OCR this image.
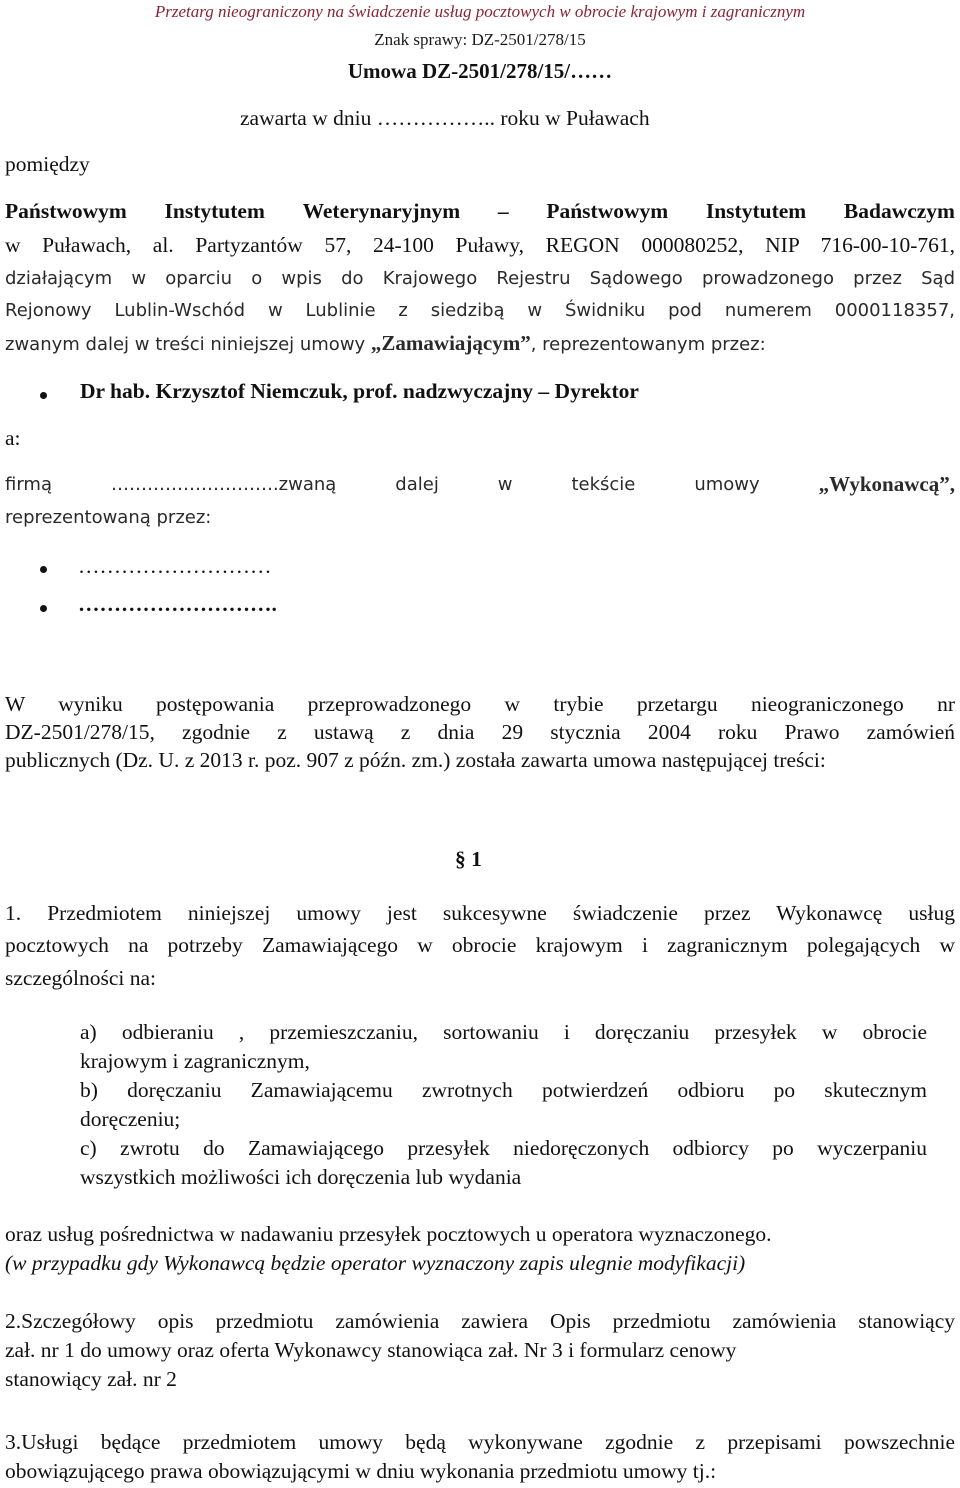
Przetarg nieograniczony na świadczenie usług pocztowych w obrocie krajowym i zagranicznym
Znak sprawy: DZ-2501/278/15
Umowa DZ-2501/278/15/……
zawarta w dniu …………….. roku w Puławach
pomiędzy
Państwowym Instytutem Weterynaryjnym – Państwowym Instytutem Badawczym
w Puławach, al. Partyzantów 57, 24-100 Puławy, REGON 000080252, NIP 716-00-10-761,
działającym w oparciu o wpis do Krajowego Rejestru Sądowego prowadzonego przez Sąd
Rejonowy Lublin-Wschód w Lublinie z siedzibą w Świdniku pod numerem 0000118357,
zwanym dalej w treści niniejszej umowy „Zamawiającym”, reprezentowanym przez:
Dr hab. Krzysztof Niemczuk, prof. nadzwyczajny – Dyrektor
a:
firmą	……………………….zwaną	dalej	w	tekście	umowy	„Wykonawcą”,
reprezentowaną przez:
………………………
……………………….
W wyniku postępowania przeprowadzonego w trybie przetargu nieograniczonego nr
DZ-2501/278/15, zgodnie z ustawą z dnia 29 stycznia 2004 roku Prawo zamówień
publicznych (Dz. U. z 2013 r. poz. 907 z późn. zm.) została zawarta umowa następującej treści:
§ 1
1. Przedmiotem niniejszej umowy jest sukcesywne świadczenie przez Wykonawcę usług
pocztowych na potrzeby Zamawiającego w obrocie krajowym i zagranicznym polegających w
szczególności na:
a) odbieraniu , przemieszczaniu, sortowaniu i doręczaniu przesyłek w obrocie
krajowym i zagranicznym,
b) doręczaniu Zamawiającemu zwrotnych potwierdzeń odbioru po skutecznym
doręczeniu;
c) zwrotu do Zamawiającego przesyłek niedoręczonych odbiorcy po wyczerpaniu
wszystkich możliwości ich doręczenia lub wydania
oraz usług pośrednictwa w nadawaniu przesyłek pocztowych u operatora wyznaczonego.
(w przypadku gdy Wykonawcą będzie operator wyznaczony zapis ulegnie modyfikacji)
2.Szczegółowy opis przedmiotu zamówienia zawiera Opis przedmiotu zamówienia stanowiący
zał. nr 1 do umowy oraz oferta Wykonawcy stanowiąca zał. Nr 3 i formularz cenowy
stanowiący zał. nr 2
3.Usługi będące przedmiotem umowy będą wykonywane zgodnie z przepisami powszechnie
obowiązującego prawa obowiązującymi w dniu wykonania przedmiotu umowy tj.:
